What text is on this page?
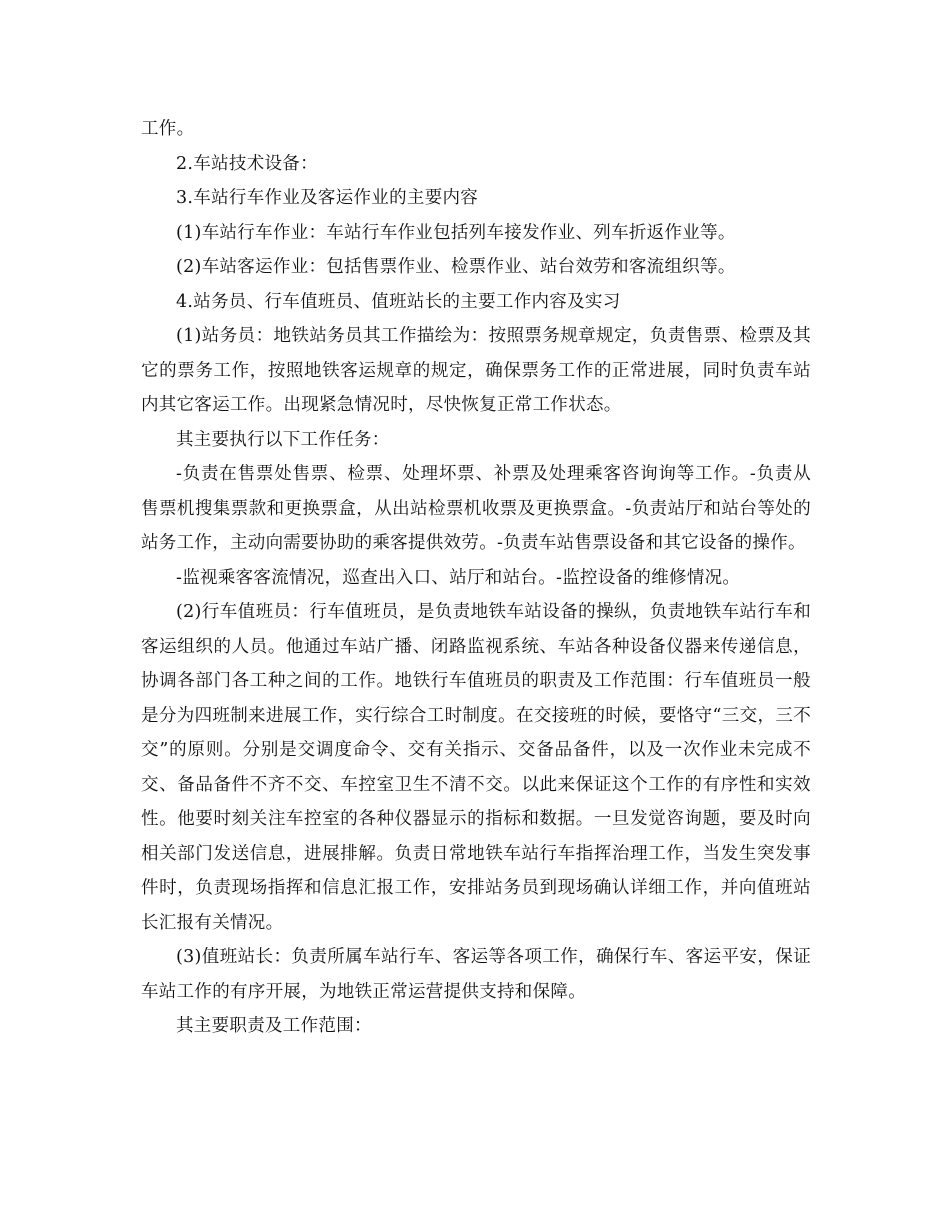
工作。

2.车站技术设备：

3.车站行车作业及客运作业的主要内容

(1)车站行车作业：车站行车作业包括列车接发作业、列车折返作业等。

(2)车站客运作业：包括售票作业、检票作业、站台效劳和客流组织等。

4.站务员、行车值班员、值班站长的主要工作内容及实习

(1)站务员：地铁站务员其工作描绘为：按照票务规章规定，负责售票、检票及其它的票务工作，按照地铁客运规章的规定，确保票务工作的正常进展，同时负责车站内其它客运工作。出现紧急情况时，尽快恢复正常工作状态。

其主要执行以下工作任务：

-负责在售票处售票、检票、处理坏票、补票及处理乘客咨询询等工作。-负责从售票机搜集票款和更换票盒，从出站检票机收票及更换票盒。-负责站厅和站台等处的站务工作，主动向需要协助的乘客提供效劳。-负责车站售票设备和其它设备的操作。

-监视乘客客流情况，巡查出入口、站厅和站台。-监控设备的维修情况。

(2)行车值班员：行车值班员，是负责地铁车站设备的操纵，负责地铁车站行车和客运组织的人员。他通过车站广播、闭路监视系统、车站各种设备仪器来传递信息，协调各部门各工种之间的工作。地铁行车值班员的职责及工作范围：行车值班员一般是分为四班制来进展工作，实行综合工时制度。在交接班的时候，要恪守“三交，三不交”的原则。分别是交调度命令、交有关指示、交备品备件，以及一次作业未完成不交、备品备件不齐不交、车控室卫生不清不交。以此来保证这个工作的有序性和实效性。他要时刻关注车控室的各种仪器显示的指标和数据。一旦发觉咨询题，要及时向相关部门发送信息，进展排解。负责日常地铁车站行车指挥治理工作，当发生突发事件时，负责现场指挥和信息汇报工作，安排站务员到现场确认详细工作，并向值班站长汇报有关情况。

(3)值班站长：负责所属车站行车、客运等各项工作，确保行车、客运平安，保证车站工作的有序开展，为地铁正常运营提供支持和保障。

其主要职责及工作范围：
